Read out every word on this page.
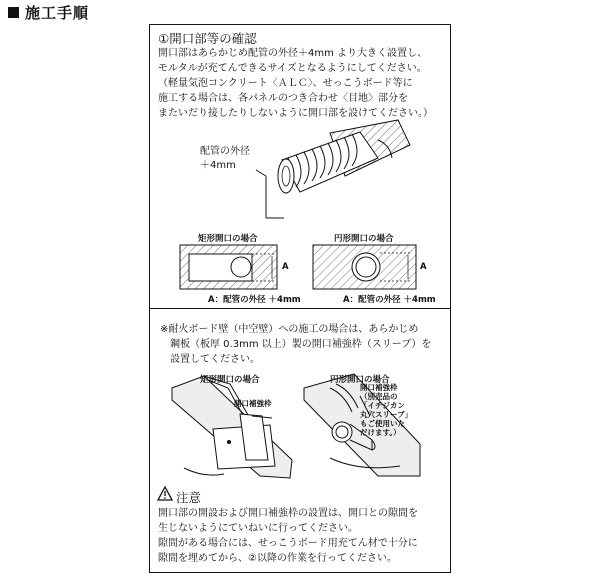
施工手順
①開口部等の確認
開口部はあらかじめ配管の外径＋4mm より大きく設置し、
モルタルが充てんできるサイズとなるようにしてください。
（軽量気泡コンクリート〈ＡＬＣ〉、せっこうボード等に
施工する場合は、各パネルのつき合わせ〈目地〉部分を
またいだり接したりしないように開口部を設けてください。）
配管の外径
＋4mm
矩形開口の場合
A
A：配管の外径 ＋4mm
円形開口の場合
A
A：配管の外径 ＋4mm
※耐火ボード壁（中空壁）への施工の場合は、あらかじめ
　鋼板（板厚 0.3mm 以上）製の開口補強枠（スリーブ）を
　設置してください。
矩形開口の場合	円形開口の場合
開口補強枠
開口補強枠
（別売品の
「イチジカン
丸穴スリーブ」
もご使用いた
だけます。）
注意
開口部の開設および開口補強枠の設置は、開口との隙間を
生じないようにていねいに行ってください。
隙間がある場合には、せっこうボード用充てん材で十分に
隙間を埋めてから、②以降の作業を行ってください。
